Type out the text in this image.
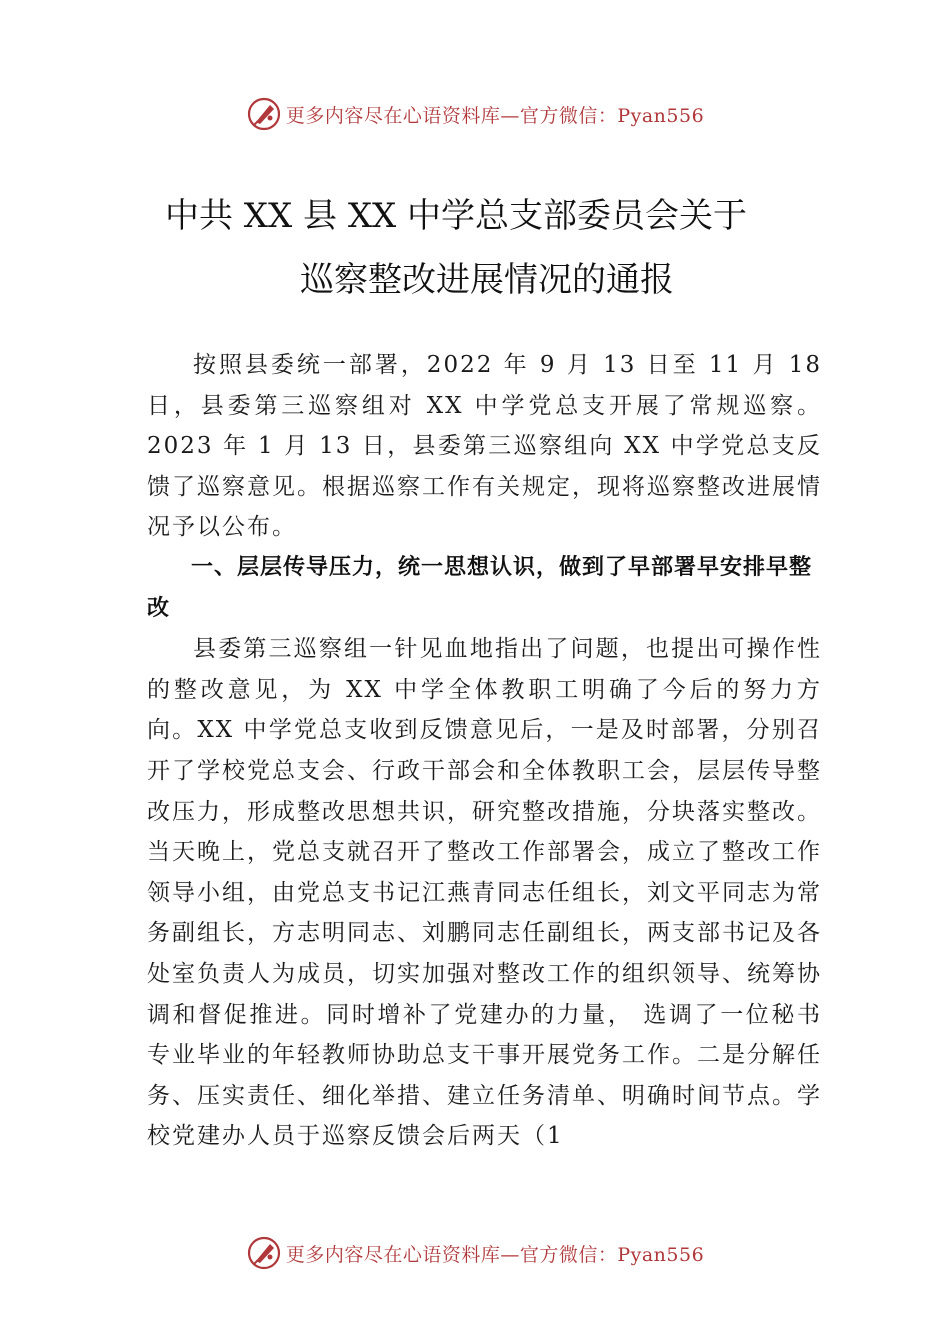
更多内容尽在心语资料库—官方微信：Pyan556
中共 XX 县 XX 中学总支部委员会关于
巡察整改进展情况的通报

按照县委统一部署，2022 年 9 月 13 日至 11 月 18 日，县委第三巡察组对 XX 中学党总支开展了常规巡察。2023 年 1 月 13 日，县委第三巡察组向 XX 中学党总支反馈了巡察意见。根据巡察工作有关规定，现将巡察整改进展情况予以公布。

一、层层传导压力，统一思想认识，做到了早部署早安排早整改

县委第三巡察组一针见血地指出了问题，也提出可操作性的整改意见，为 XX 中学全体教职工明确了今后的努力方向。XX 中学党总支收到反馈意见后，一是及时部署，分别召开了学校党总支会、行政干部会和全体教职工会，层层传导整改压力，形成整改思想共识，研究整改措施，分块落实整改。当天晚上，党总支就召开了整改工作部署会，成立了整改工作领导小组，由党总支书记江燕青同志任组长，刘文平同志为常务副组长，方志明同志、刘鹏同志任副组长，两支部书记及各处室负责人为成员，切实加强对整改工作的组织领导、统筹协调和督促推进。同时增补了党建办的力量， 选调了一位秘书专业毕业的年轻教师协助总支干事开展党务工作。二是分解任务、压实责任、细化举措、建立任务清单、明确时间节点。学校党建办人员于巡察反馈会后两天（1

更多内容尽在心语资料库—官方微信：Pyan556
